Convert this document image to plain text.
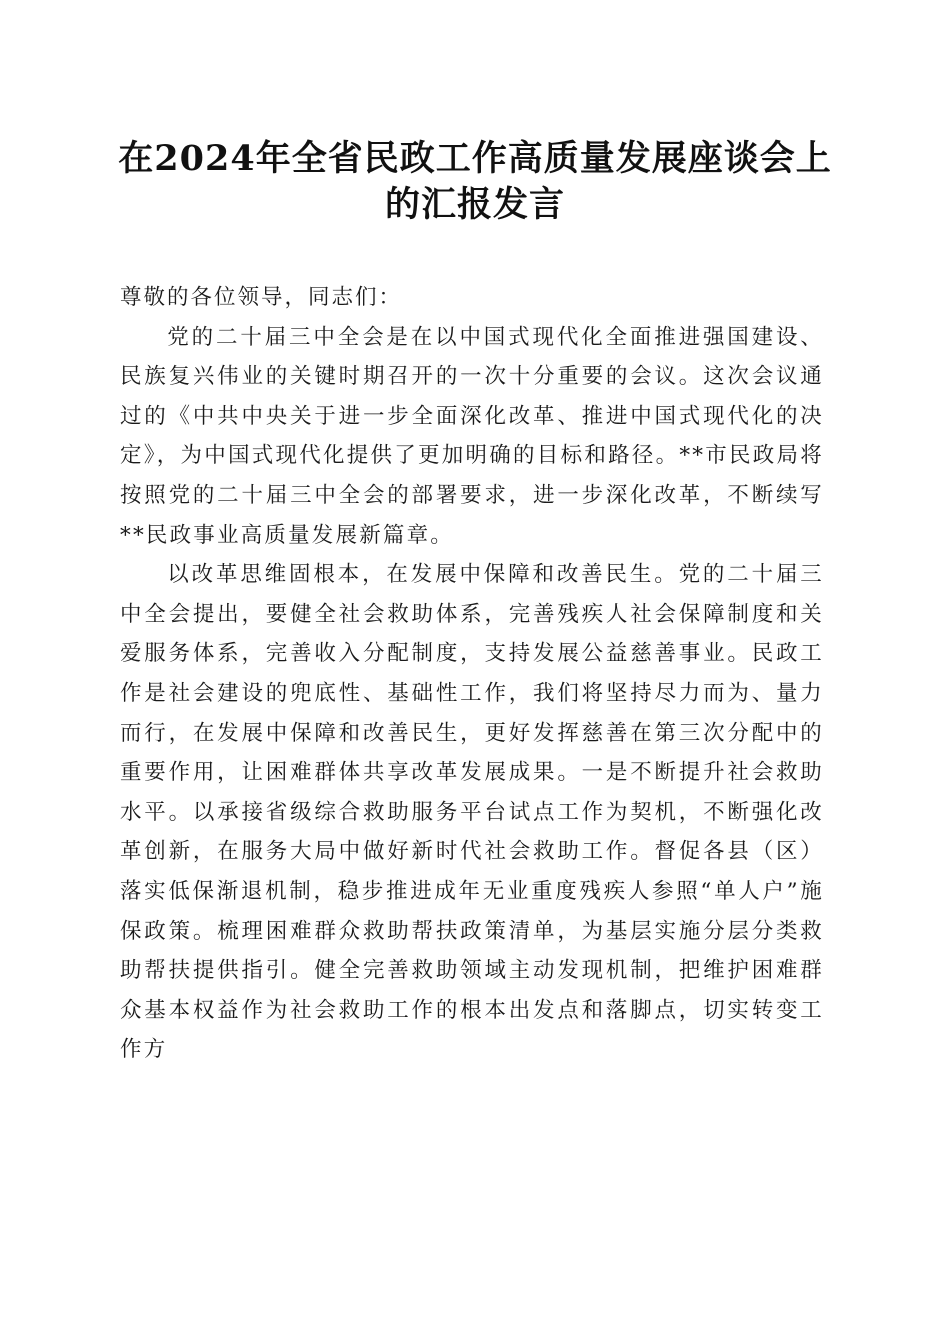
在2024年全省民政工作高质量发展座谈会上
的汇报发言

尊敬的各位领导，同志们：

党的二十届三中全会是在以中国式现代化全面推进强国建设、民族复兴伟业的关键时期召开的一次十分重要的会议。这次会议通过的《中共中央关于进一步全面深化改革、推进中国式现代化的决定》，为中国式现代化提供了更加明确的目标和路径。**市民政局将按照党的二十届三中全会的部署要求，进一步深化改革，不断续写**民政事业高质量发展新篇章。

以改革思维固根本，在发展中保障和改善民生。党的二十届三中全会提出，要健全社会救助体系，完善残疾人社会保障制度和关爱服务体系，完善收入分配制度，支持发展公益慈善事业。民政工作是社会建设的兜底性、基础性工作，我们将坚持尽力而为、量力而行，在发展中保障和改善民生，更好发挥慈善在第三次分配中的重要作用，让困难群体共享改革发展成果。一是不断提升社会救助水平。以承接省级综合救助服务平台试点工作为契机，不断强化改革创新，在服务大局中做好新时代社会救助工作。督促各县（区）落实低保渐退机制，稳步推进成年无业重度残疾人参照“单人户”施保政策。梳理困难群众救助帮扶政策清单，为基层实施分层分类救助帮扶提供指引。健全完善救助领域主动发现机制，把维护困难群众基本权益作为社会救助工作的根本出发点和落脚点，切实转变工作方
